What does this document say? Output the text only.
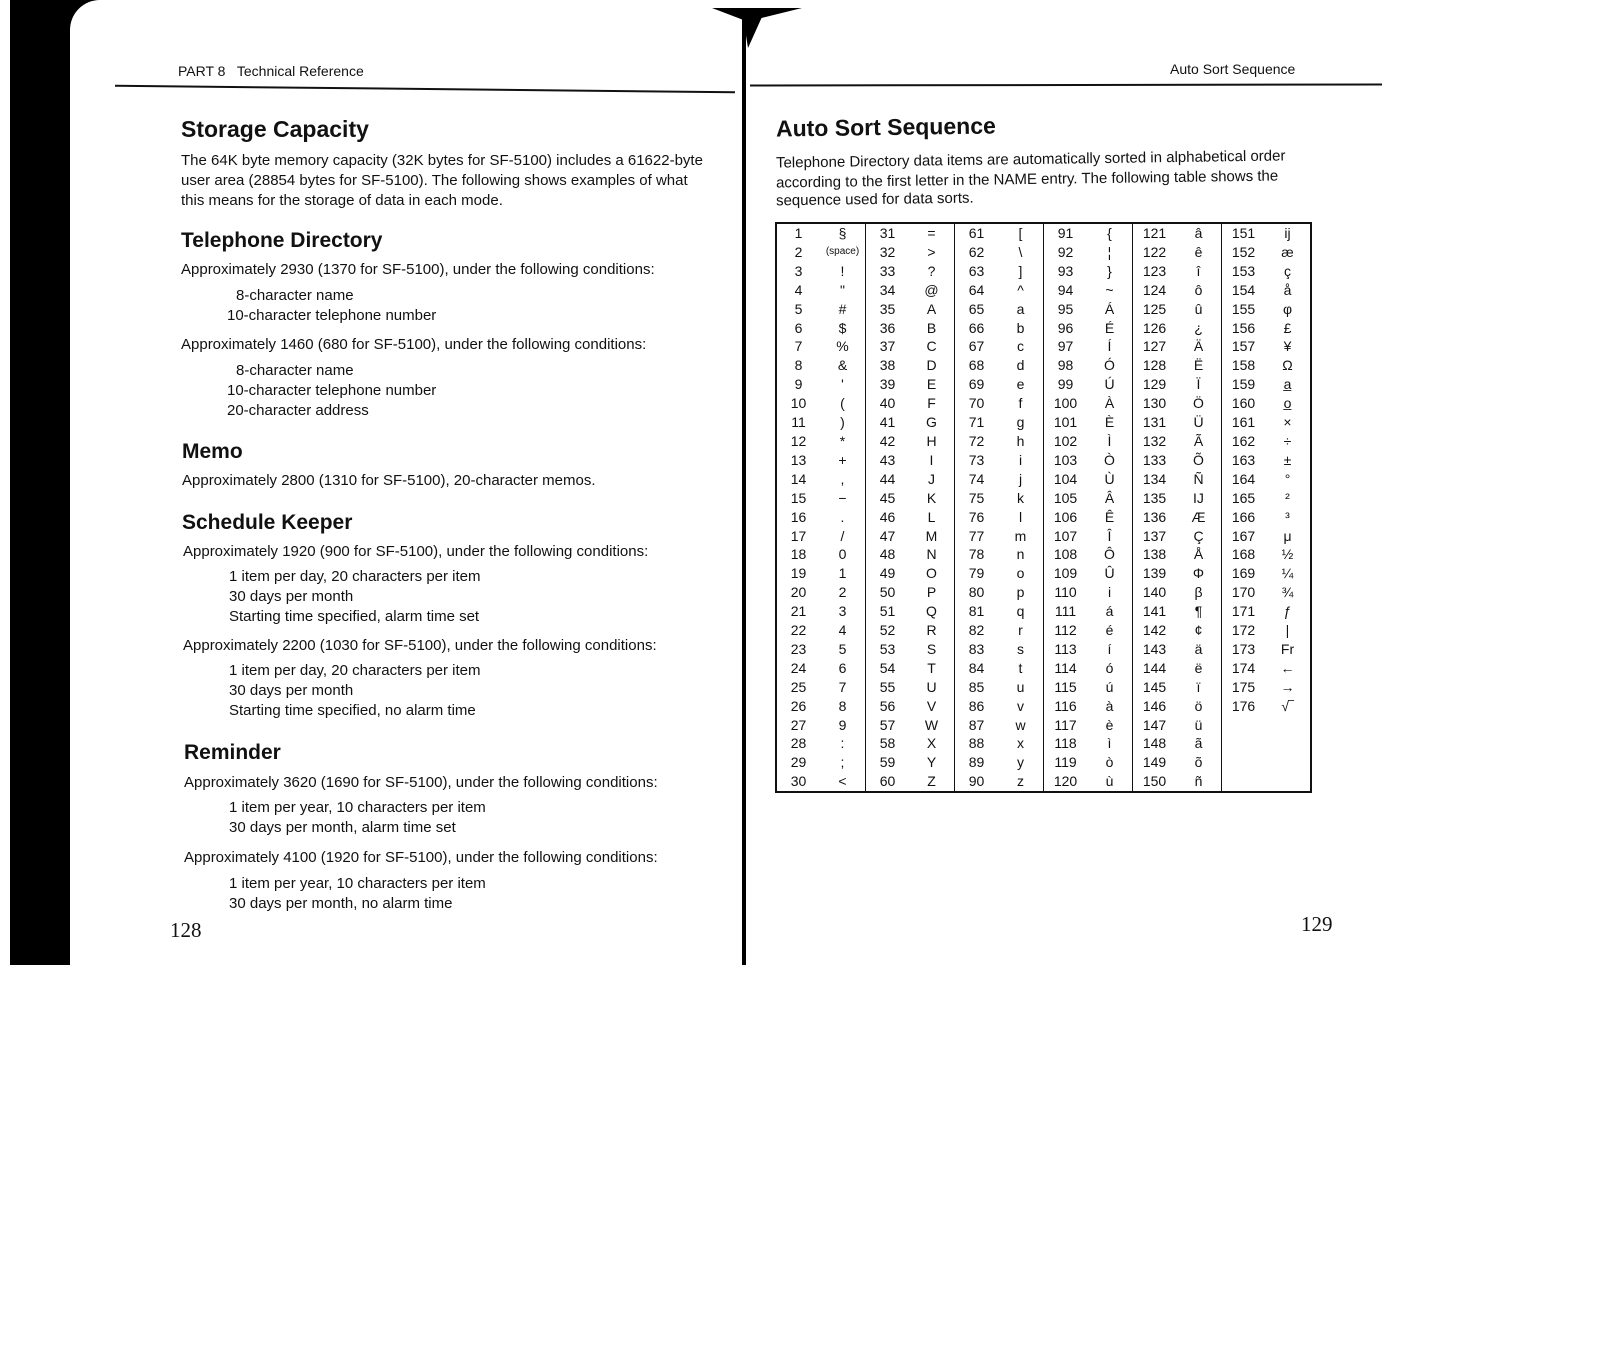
PART 8 Technical Reference
Storage Capacity
The 64K byte memory capacity (32K bytes for SF-5100) includes a 61622-byte
user area (28854 bytes for SF-5100). The following shows examples of what
this means for the storage of data in each mode.
Telephone Directory
Approximately 2930 (1370 for SF-5100), under the following conditions:
8-character name
10-character telephone number
Approximately 1460 (680 for SF-5100), under the following conditions:
8-character name
10-character telephone number
20-character address
Memo
Approximately 2800 (1310 for SF-5100), 20-character memos.
Schedule Keeper
Approximately 1920 (900 for SF-5100), under the following conditions:
1 item per day, 20 characters per item
30 days per month
Starting time specified, alarm time set
Approximately 2200 (1030 for SF-5100), under the following conditions:
1 item per day, 20 characters per item
30 days per month
Starting time specified, no alarm time
Reminder
Approximately 3620 (1690 for SF-5100), under the following conditions:
1 item per year, 10 characters per item
30 days per month, alarm time set
Approximately 4100 (1920 for SF-5100), under the following conditions:
1 item per year, 10 characters per item
30 days per month, no alarm time
128
Auto Sort Sequence
Auto Sort Sequence
Telephone Directory data items are automatically sorted in alphabetical order
according to the first letter in the NAME entry. The following table shows the
sequence used for data sorts.
1	§	31	=	61	[	91	{	121	â	151	ij
2	(space)	32	>	62	\	92	¦	122	ê	152	æ
3	!	33	?	63	]	93	}	123	î	153	ç
4	"	34	@	64	^	94	~	124	ô	154	å
5	#	35	A	65	a	95	Á	125	û	155	φ
6	$	36	B	66	b	96	É	126	¿	156	£
7	%	37	C	67	c	97	Í	127	Ä	157	¥
8	&	38	D	68	d	98	Ó	128	Ë	158	Ω
9	'	39	E	69	e	99	Ú	129	Ï	159	a̲
10	(	40	F	70	f	100	À	130	Ö	160	o̲
11	)	41	G	71	g	101	È	131	Ü	161	×
12	*	42	H	72	h	102	Ì	132	Ã	162	÷
13	+	43	I	73	i	103	Ò	133	Õ	163	±
14	,	44	J	74	j	104	Ù	134	Ñ	164	°
15	−	45	K	75	k	105	Â	135	IJ	165	²
16	.	46	L	76	l	106	Ê	136	Æ	166	³
17	/	47	M	77	m	107	Î	137	Ç	167	μ
18	0	48	N	78	n	108	Ô	138	Å	168	½
19	1	49	O	79	o	109	Û	139	Φ	169	¼
20	2	50	P	80	p	110	i	140	β	170	¾
21	3	51	Q	81	q	111	á	141	¶	171	ƒ
22	4	52	R	82	r	112	é	142	¢	172	|
23	5	53	S	83	s	113	í	143	ä	173	Fr
24	6	54	T	84	t	114	ó	144	ë	174	←
25	7	55	U	85	u	115	ú	145	ï	175	→
26	8	56	V	86	v	116	à	146	ö	176	√‾
27	9	57	W	87	w	117	è	147	ü		
28	:	58	X	88	x	118	ì	148	ã		
29	;	59	Y	89	y	119	ò	149	õ		
30	<	60	Z	90	z	120	ù	150	ñ		
129
